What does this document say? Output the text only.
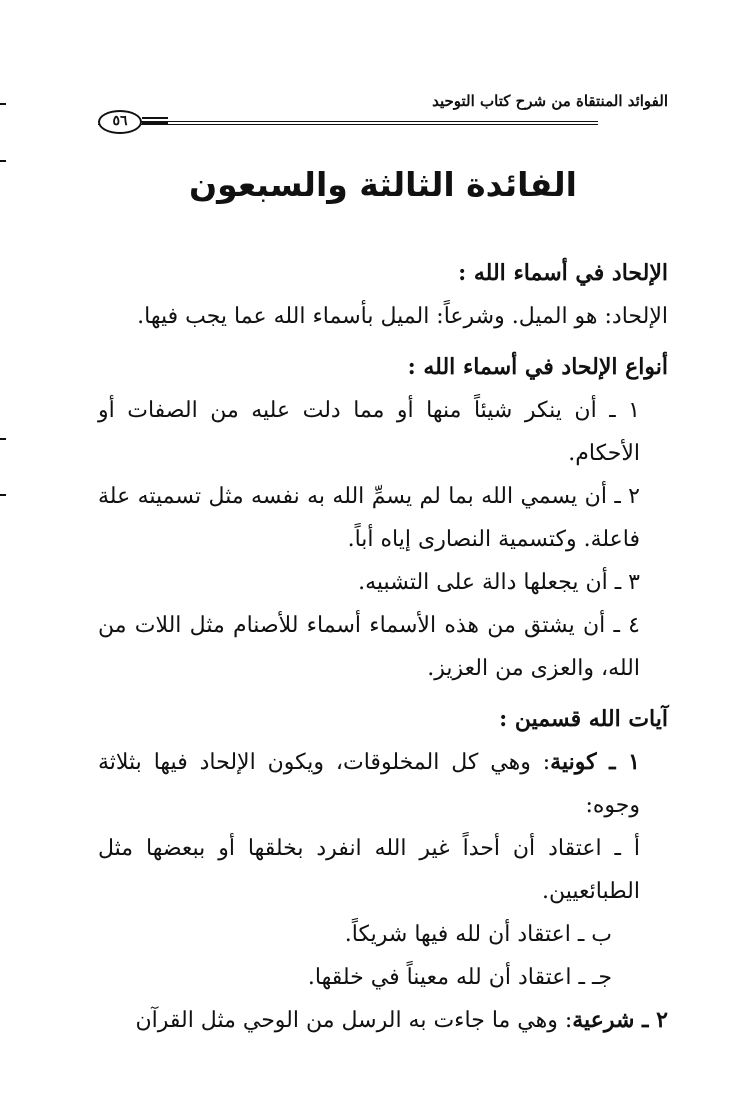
الفوائد المنتقاة من شرح كتاب التوحيد
٥٦
الفائدة الثالثة والسبعون

الإلحاد في أسماء الله :

الإلحاد: هو الميل. وشرعاً: الميل بأسماء الله عما يجب فيها.

أنواع الإلحاد في أسماء الله :

١ ـ أن ينكر شيئاً منها أو مما دلت عليه من الصفات أو الأحكام.

٢ ـ أن يسمي الله بما لم يسمِّ الله به نفسه مثل تسميته علة فاعلة. وكتسمية النصارى إياه أباً.

٣ ـ أن يجعلها دالة على التشبيه.

٤ ـ أن يشتق من هذه الأسماء أسماء للأصنام مثل اللات من الله، والعزى من العزيز.

آيات الله قسمين :

١ ـ كونية: وهي كل المخلوقات، ويكون الإلحاد فيها بثلاثة وجوه:

أ ـ اعتقاد أن أحداً غير الله انفرد بخلقها أو ببعضها مثل الطبائعيين.

ب ـ اعتقاد أن لله فيها شريكاً.

جـ ـ اعتقاد أن لله معيناً في خلقها.

٢ ـ شرعية: وهي ما جاءت به الرسل من الوحي مثل القرآن
